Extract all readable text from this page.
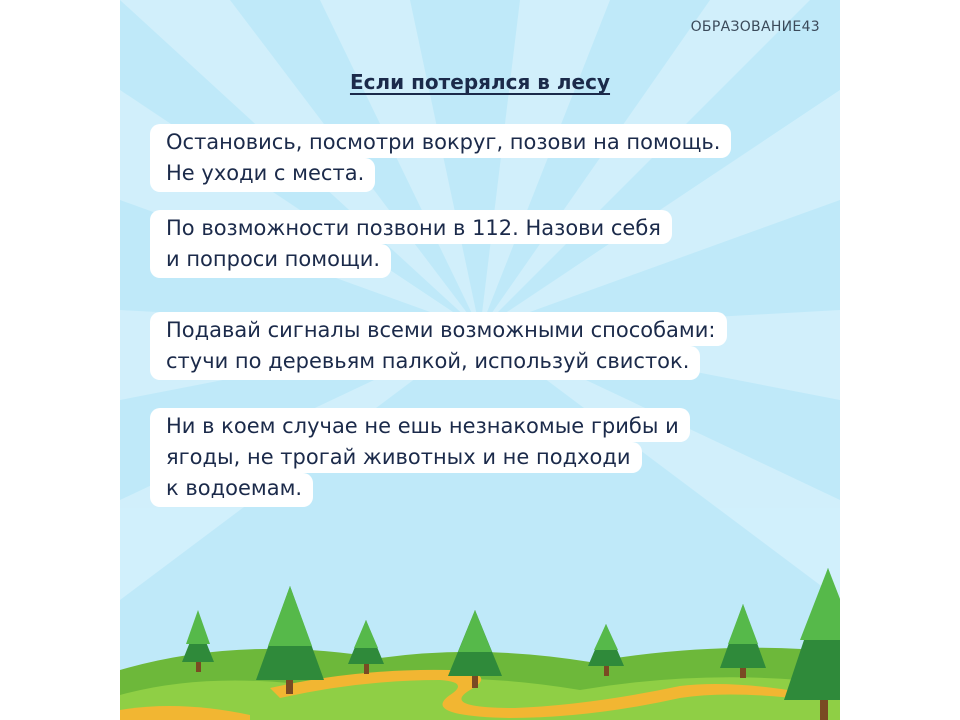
ОБРАЗОВАНИЕ43
Если потерялся в лесу
Остановись, посмотри вокруг, позови на помощь.
Не уходи с места.
По возможности позвони в 112. Назови себя
и попроси помощи.
Подавай сигналы всеми возможными способами:
стучи по деревьям палкой, используй свисток.
Ни в коем случае не ешь незнакомые грибы и
ягоды, не трогай животных и не подходи
к водоемам.
